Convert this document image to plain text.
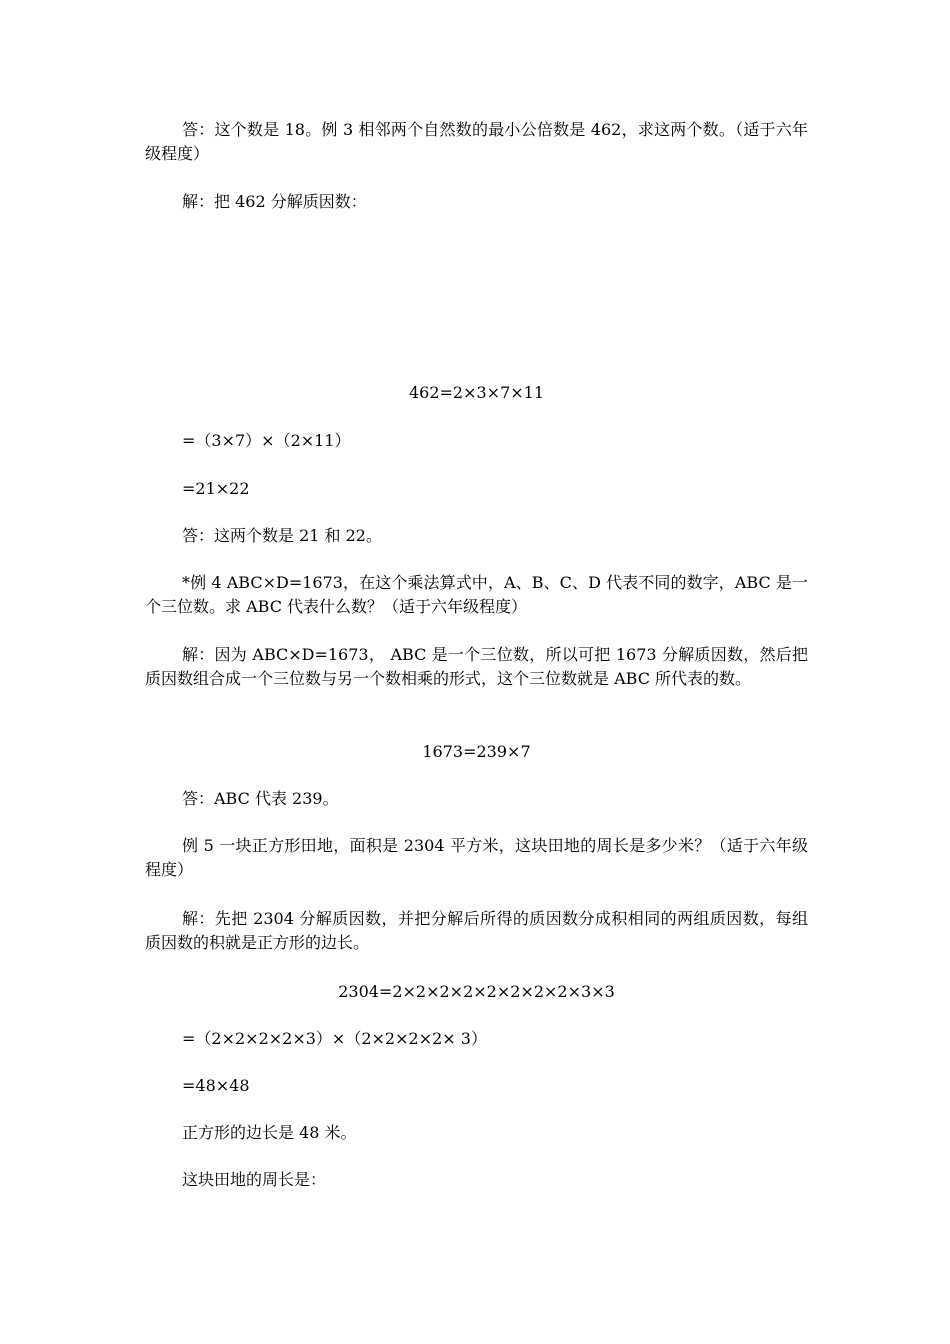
答：这个数是 18。例 3 相邻两个自然数的最小公倍数是 462，求这两个数。（适于六年级程度）

解：把 462 分解质因数：

462=2×3×7×11

=（3×7）×（2×11）

=21×22

答：这两个数是 21 和 22。

*例 4 ABC×D=1673，在这个乘法算式中，A、B、C、D 代表不同的数字，ABC 是一个三位数。求 ABC 代表什么数？（适于六年级程度）

解：因为 ABC×D=1673， ABC 是一个三位数，所以可把 1673 分解质因数，然后把质因数组合成一个三位数与另一个数相乘的形式，这个三位数就是 ABC 所代表的数。

1673=239×7

答：ABC 代表 239。

例 5 一块正方形田地，面积是 2304 平方米，这块田地的周长是多少米？（适于六年级程度）

解：先把 2304 分解质因数，并把分解后所得的质因数分成积相同的两组质因数，每组质因数的积就是正方形的边长。

2304=2×2×2×2×2×2×2×2×3×3

=（2×2×2×2×3）×（2×2×2×2× 3）

=48×48

正方形的边长是 48 米。

这块田地的周长是：
